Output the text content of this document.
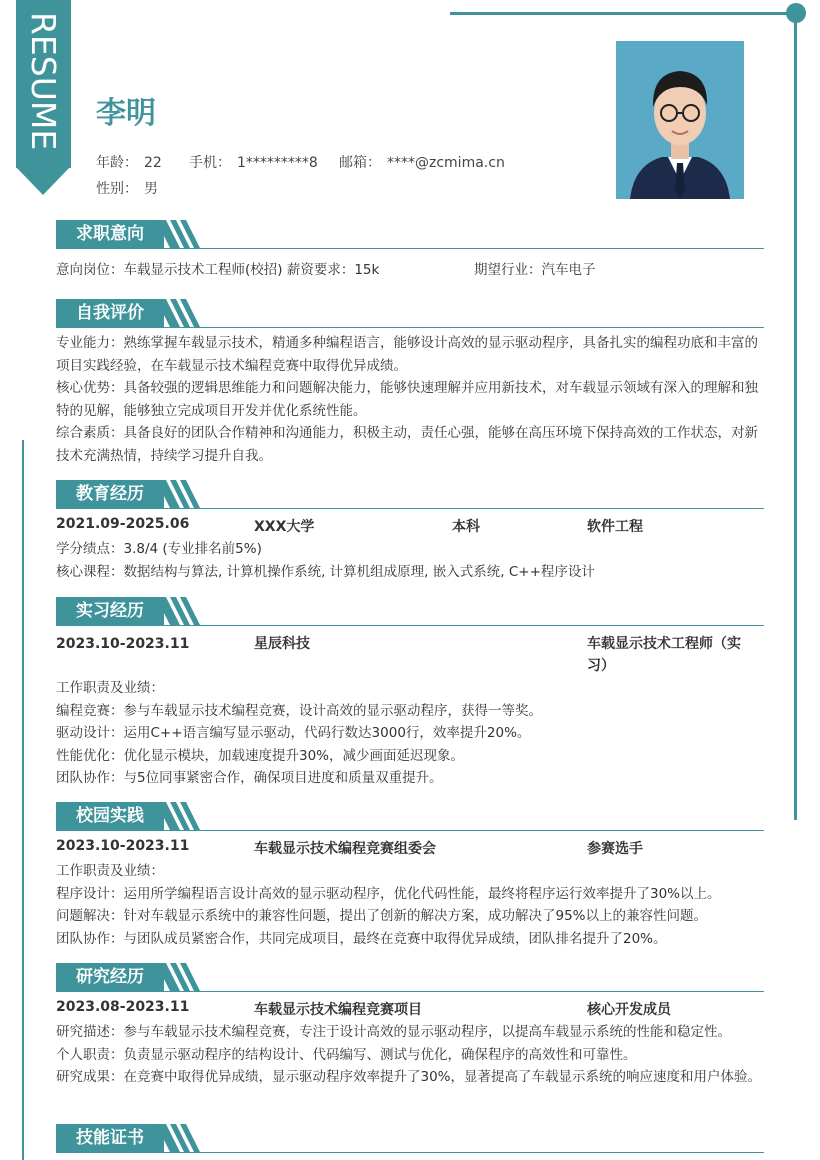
RESUME 李明
年龄： 22 手机： 1*********8 邮箱： ****@zcmima.cn
性别： 男
求职意向
意向岗位：车载显示技术工程师(校招) 薪资要求：15k	期望行业：汽车电子
自我评价
专业能力：熟练掌握车载显示技术，精通多种编程语言，能够设计高效的显示驱动程序，具备扎实的编程功底和丰富的项目实践经验，在车载显示技术编程竞赛中取得优异成绩。
核心优势：具备较强的逻辑思维能力和问题解决能力，能够快速理解并应用新技术，对车载显示领域有深入的理解和独特的见解，能够独立完成项目开发并优化系统性能。
综合素质：具备良好的团队合作精神和沟通能力，积极主动，责任心强，能够在高压环境下保持高效的工作状态，对新技术充满热情，持续学习提升自我。
教育经历
2021.09-2025.06	XXX大学	本科	软件工程
学分绩点：3.8/4 (专业排名前5%)
核心课程：数据结构与算法, 计算机操作系统, 计算机组成原理, 嵌入式系统, C++程序设计
实习经历
2023.10-2023.11	星辰科技	车载显示技术工程师（实
习）
工作职责及业绩：
编程竞赛：参与车载显示技术编程竞赛，设计高效的显示驱动程序，获得一等奖。
驱动设计：运用C++语言编写显示驱动，代码行数达3000行，效率提升20%。
性能优化：优化显示模块，加载速度提升30%，减少画面延迟现象。
团队协作：与5位同事紧密合作，确保项目进度和质量双重提升。
校园实践
2023.10-2023.11	车载显示技术编程竞赛组委会	参赛选手
工作职责及业绩：
程序设计：运用所学编程语言设计高效的显示驱动程序，优化代码性能，最终将程序运行效率提升了30%以上。
问题解决：针对车载显示系统中的兼容性问题，提出了创新的解决方案，成功解决了95%以上的兼容性问题。
团队协作：与团队成员紧密合作，共同完成项目，最终在竞赛中取得优异成绩，团队排名提升了20%。
研究经历
2023.08-2023.11	车载显示技术编程竞赛项目	核心开发成员
研究描述：参与车载显示技术编程竞赛，专注于设计高效的显示驱动程序，以提高车载显示系统的性能和稳定性。
个人职责：负责显示驱动程序的结构设计、代码编写、测试与优化，确保程序的高效性和可靠性。
研究成果：在竞赛中取得优异成绩，显示驱动程序效率提升了30%，显著提高了车载显示系统的响应速度和用户体验。
技能证书
